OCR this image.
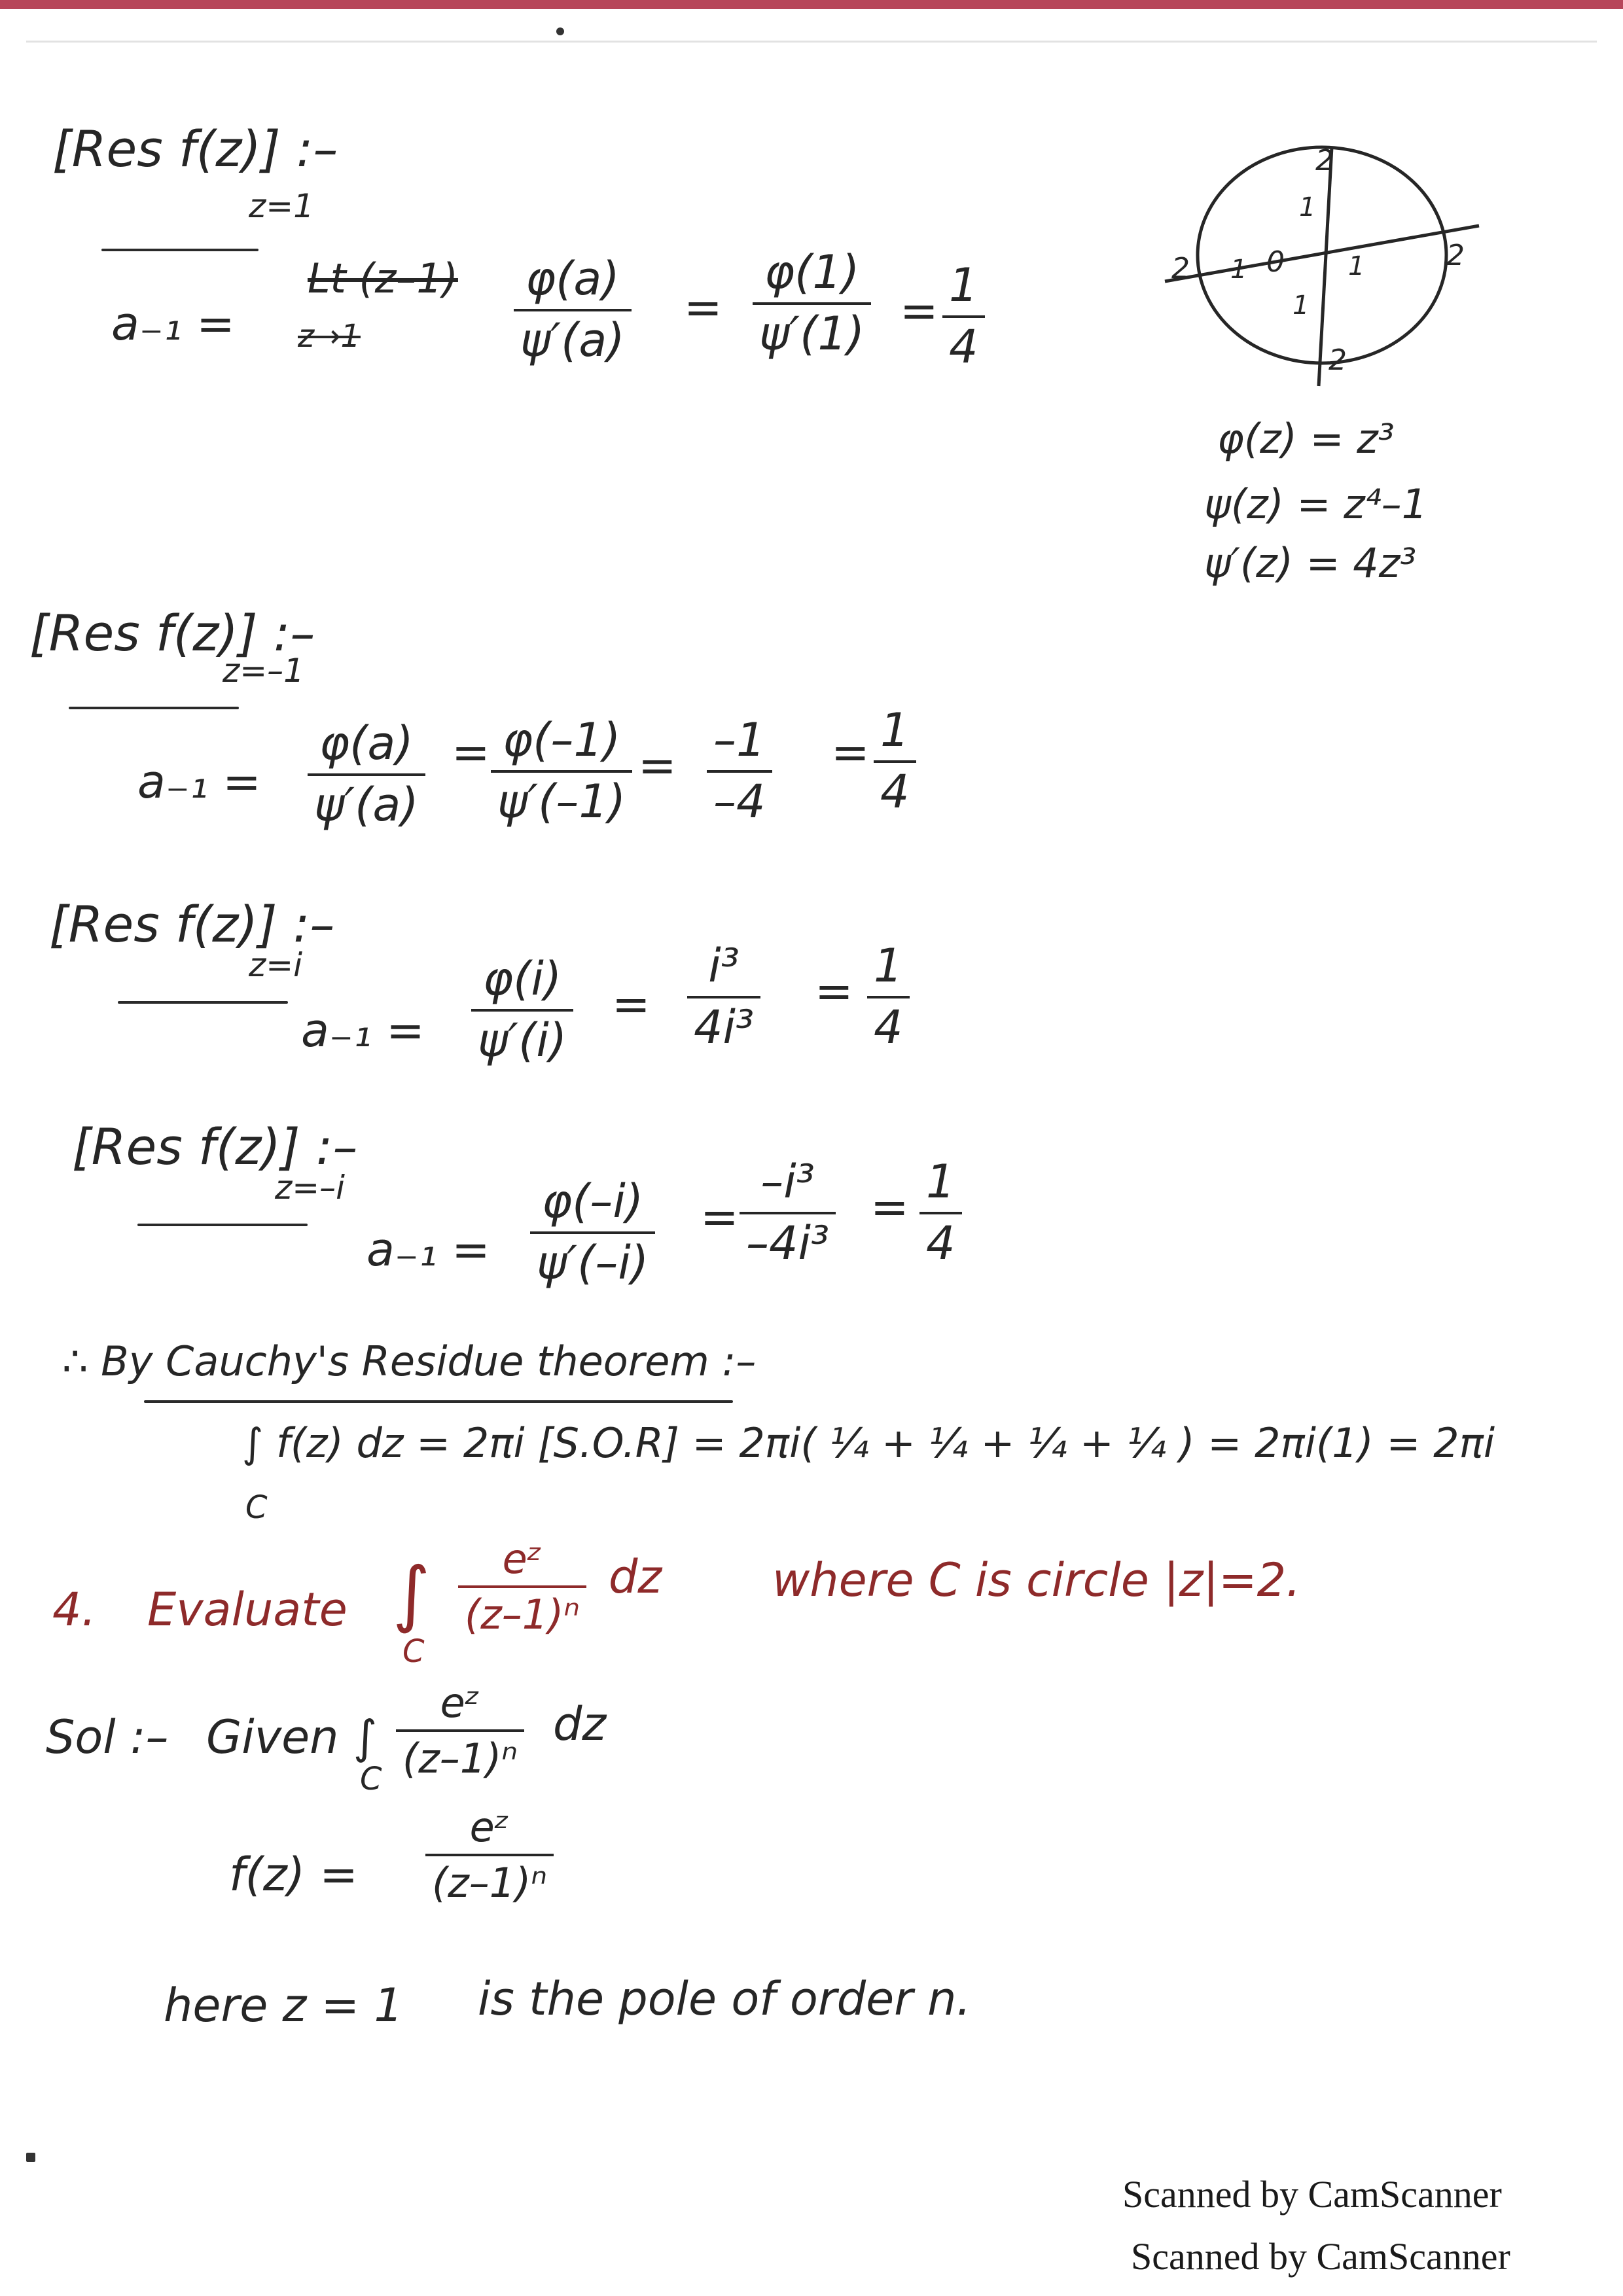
[Res f(z)] :–
z=1
a₋₁ =
Lt (z–1)
z→1
φ(a)
ψ′(a)
=
φ(1)
ψ′(1) = 1
4
2
2
2	2
0
1
1
1	1
φ(z) = z³
ψ(z) = z⁴–1
ψ′(z) = 4z³
[Res f(z)] :–
z=–1
a₋₁ =
φ(a)
ψ′(a)
= φ(–1)
ψ′(–1)
= –1
–4
= 1
4
[Res f(z)] :–
z=i
a₋₁ =
φ(i)
ψ′(i)
=
i³
4i³
= 1
4
[Res f(z)] :–
z=–i
a₋₁ =
φ(–i)
ψ′(–i)
=
–i³
–4i³
= 1
4
∴ By Cauchy's Residue theorem :–
∫ f(z) dz = 2πi [S.O.R] = 2πi( ¼ + ¼ + ¼ + ¼ ) = 2πi(1) = 2πi
C
4. Evaluate ∫
C
eᶻ
(z–1)ⁿ
dz where C is circle |z|=2.
Sol :– Given ∫
C
eᶻ
(z–1)ⁿ
dz
f(z) =
eᶻ
(z–1)ⁿ
here z = 1 is the pole of order n.
Scanned by CamScanner
Scanned by CamScanner
